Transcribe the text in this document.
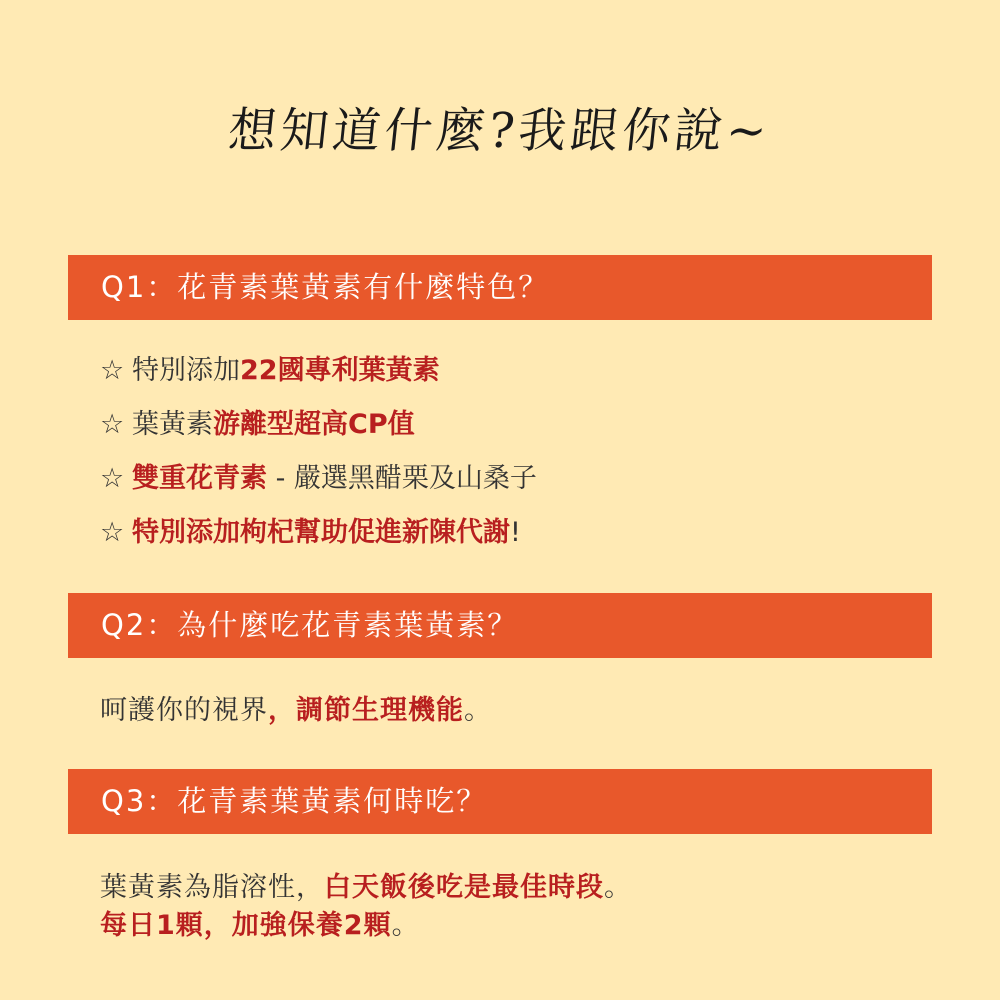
想知道什麼?我跟你說~
Q1：花青素葉黃素有什麼特色？
☆ 特別添加22國專利葉黃素
☆ 葉黃素游離型超高CP值
☆ 雙重花青素 - 嚴選黑醋栗及山桑子
☆ 特別添加枸杞幫助促進新陳代謝!
Q2：為什麼吃花青素葉黃素？
呵護你的視界，調節生理機能。
Q3：花青素葉黃素何時吃？
葉黃素為脂溶性，白天飯後吃是最佳時段。
每日1顆，加強保養2顆。
